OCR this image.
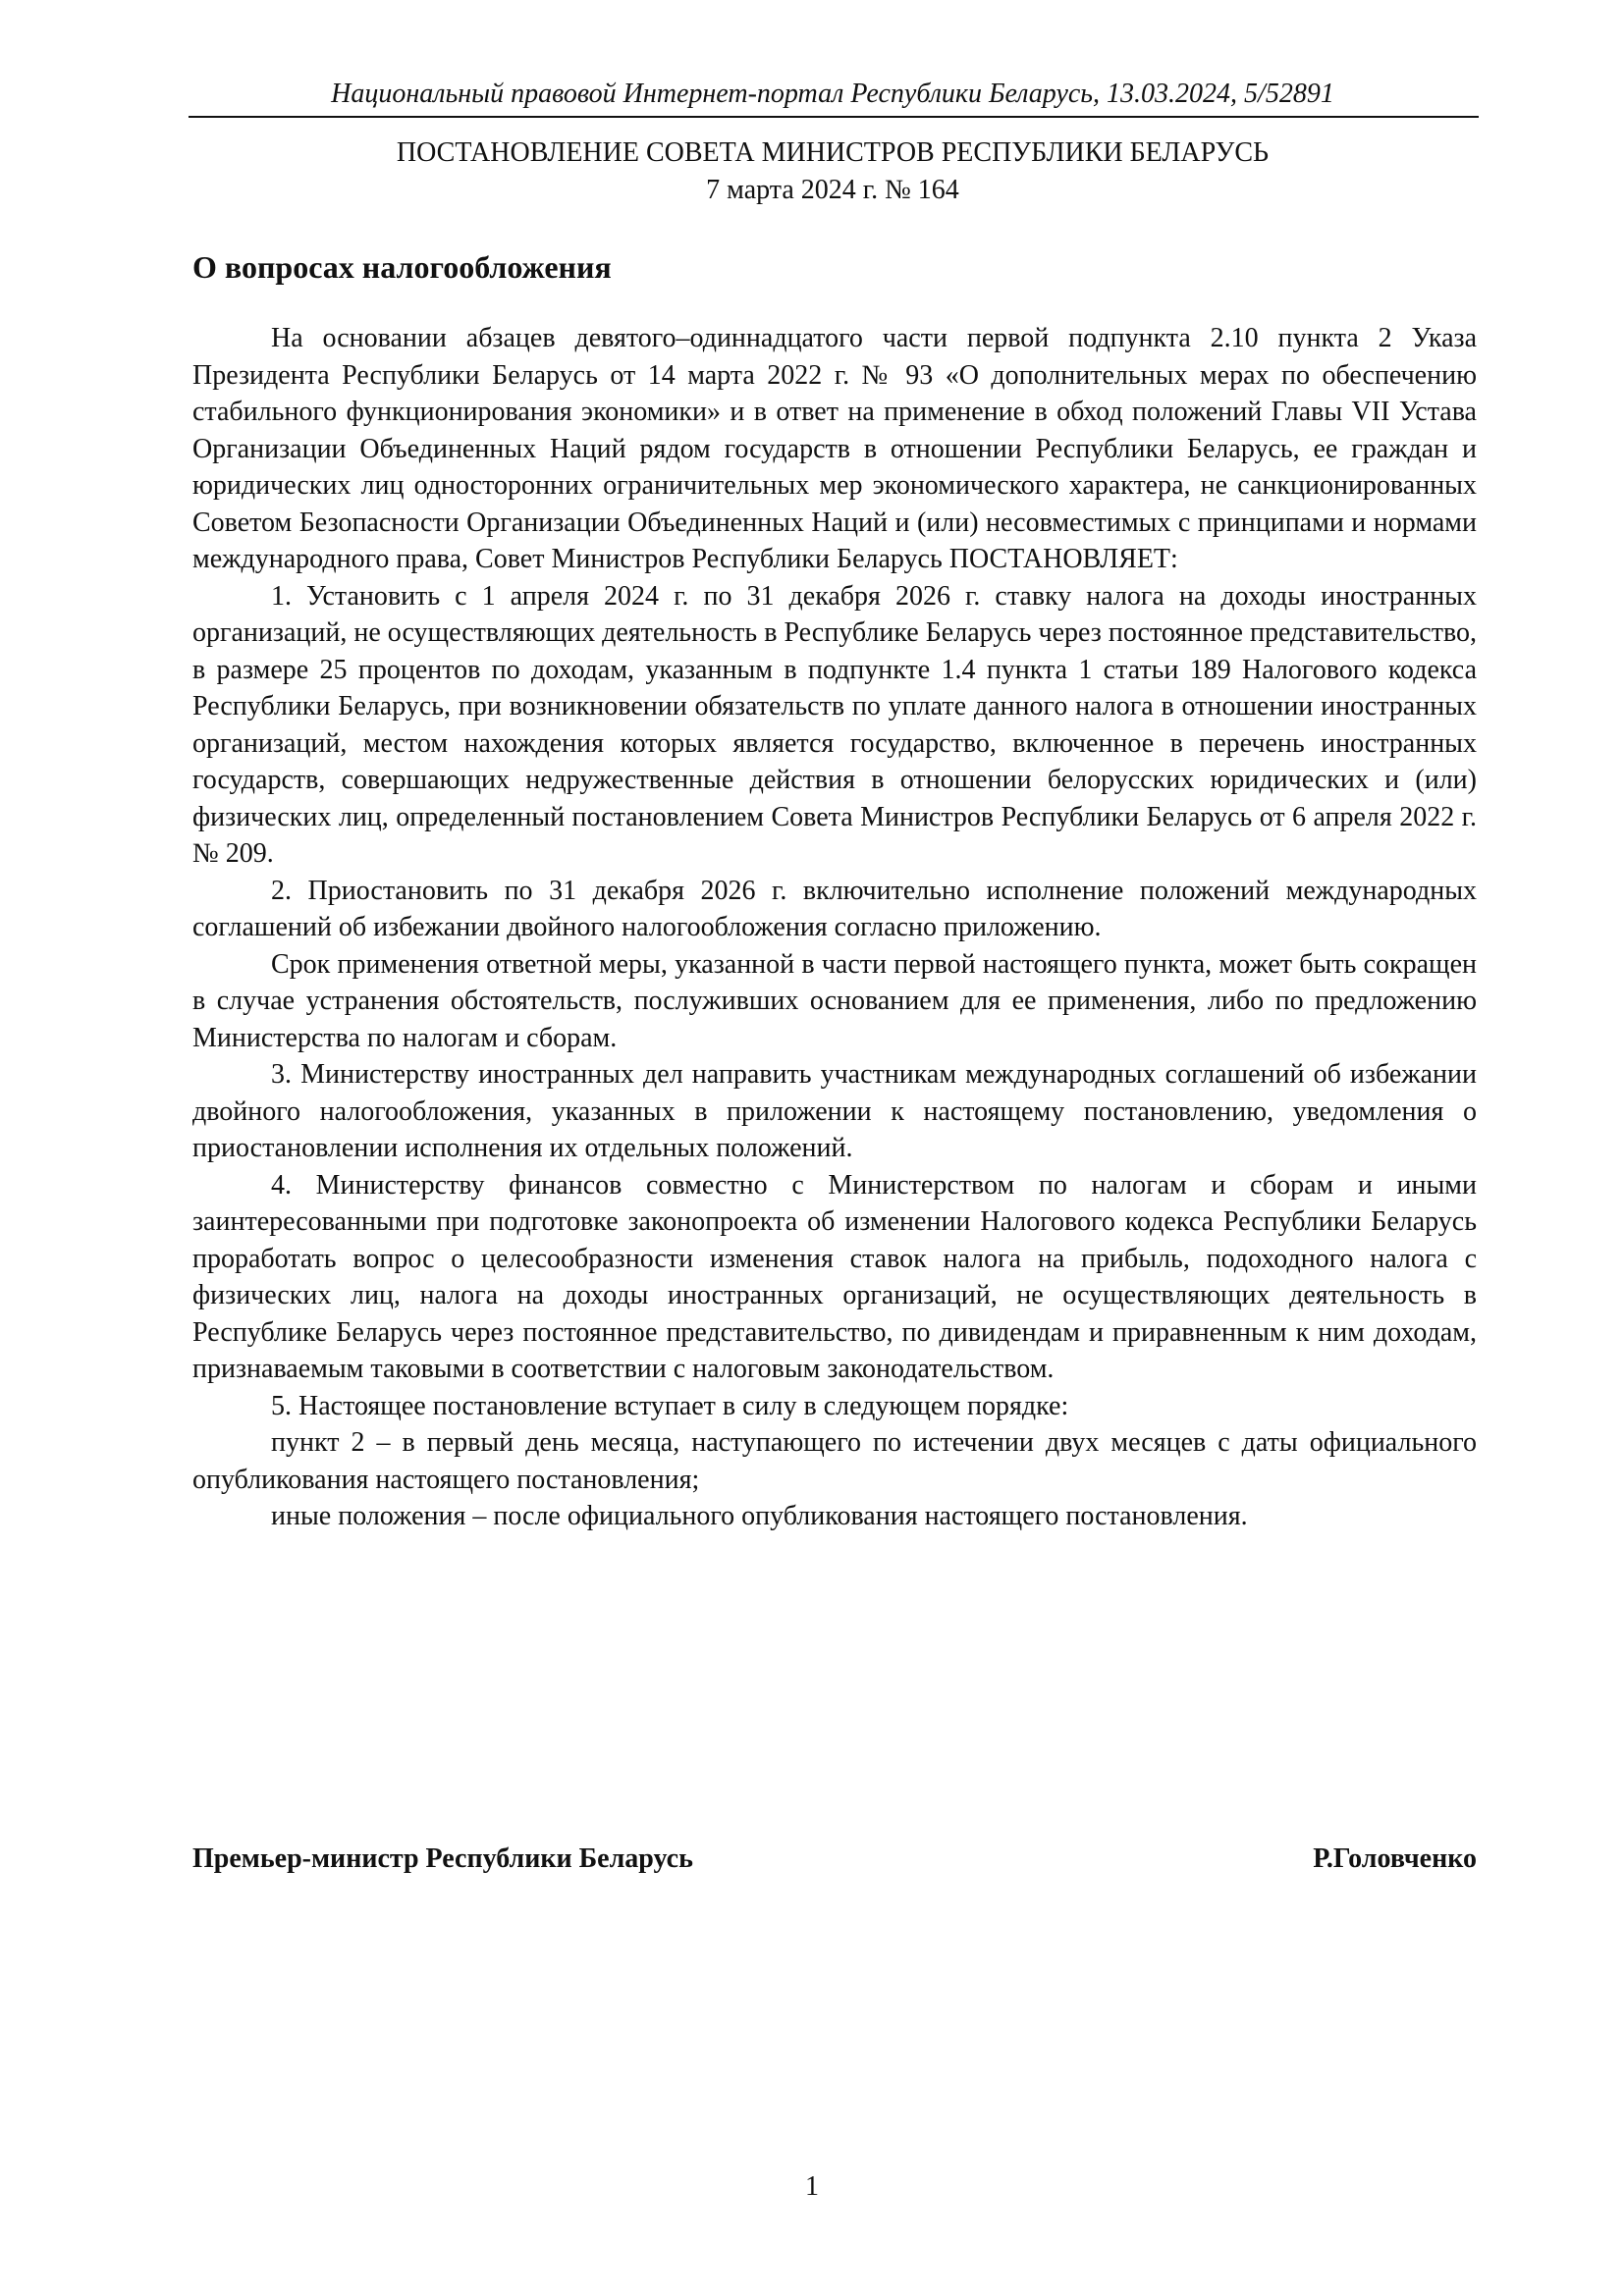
Национальный правовой Интернет-портал Республики Беларусь, 13.03.2024, 5/52891
ПОСТАНОВЛЕНИЕ СОВЕТА МИНИСТРОВ РЕСПУБЛИКИ БЕЛАРУСЬ
7 марта 2024 г. № 164
О вопросах налогообложения

На основании абзацев девятого–одиннадцатого части первой подпункта 2.10 пункта 2 Указа Президента Республики Беларусь от 14 марта 2022 г. № 93 «О дополнительных мерах по обеспечению стабильного функционирования экономики» и в ответ на применение в обход положений Главы VII Устава Организации Объединенных Наций рядом государств в отношении Республики Беларусь, ее граждан и юридических лиц односторонних ограничительных мер экономического характера, не санкционированных Советом Безопасности Организации Объединенных Наций и (или) несовместимых с принципами и нормами международного права, Совет Министров Республики Беларусь ПОСТАНОВЛЯЕТ:

1. Установить с 1 апреля 2024 г. по 31 декабря 2026 г. ставку налога на доходы иностранных организаций, не осуществляющих деятельность в Республике Беларусь через постоянное представительство, в размере 25 процентов по доходам, указанным в подпункте 1.4 пункта 1 статьи 189 Налогового кодекса Республики Беларусь, при возникновении обязательств по уплате данного налога в отношении иностранных организаций, местом нахождения которых является государство, включенное в перечень иностранных государств, совершающих недружественные действия в отношении белорусских юридических и (или) физических лиц, определенный постановлением Совета Министров Республики Беларусь от 6 апреля 2022 г. № 209.

2. Приостановить по 31 декабря 2026 г. включительно исполнение положений международных соглашений об избежании двойного налогообложения согласно приложению.

Срок применения ответной меры, указанной в части первой настоящего пункта, может быть сокращен в случае устранения обстоятельств, послуживших основанием для ее применения, либо по предложению Министерства по налогам и сборам.

3. Министерству иностранных дел направить участникам международных соглашений об избежании двойного налогообложения, указанных в приложении к настоящему постановлению, уведомления о приостановлении исполнения их отдельных положений.

4. Министерству финансов совместно с Министерством по налогам и сборам и иными заинтересованными при подготовке законопроекта об изменении Налогового кодекса Республики Беларусь проработать вопрос о целесообразности изменения ставок налога на прибыль, подоходного налога с физических лиц, налога на доходы иностранных организаций, не осуществляющих деятельность в Республике Беларусь через постоянное представительство, по дивидендам и приравненным к ним доходам, признаваемым таковыми в соответствии с налоговым законодательством.

5. Настоящее постановление вступает в силу в следующем порядке:

пункт 2 – в первый день месяца, наступающего по истечении двух месяцев с даты официального опубликования настоящего постановления;

иные положения – после официального опубликования настоящего постановления.

Премьер-министр Республики Беларусь	Р.Головченко
1
